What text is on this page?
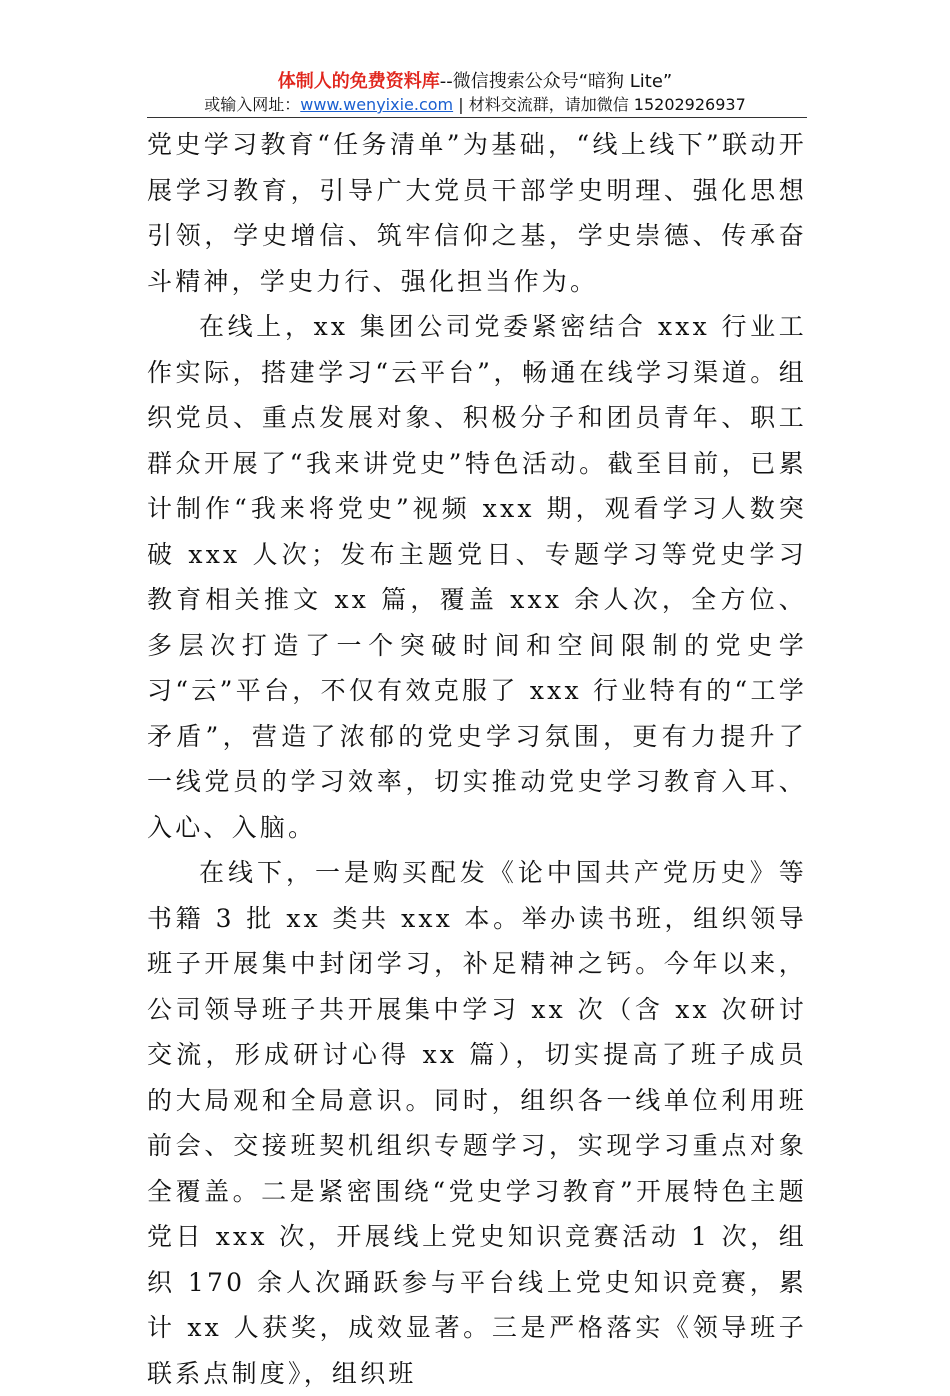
体制人的免费资料库--微信搜索公众号“暗狗 Lite”
或输入网址：www.wenyixie.com | 材料交流群，请加微信 15202926937

党史学习教育“任务清单”为基础，“线上线下”联动开展学习教育，引导广大党员干部学史明理、强化思想引领，学史增信、筑牢信仰之基，学史崇德、传承奋斗精神，学史力行、强化担当作为。

在线上，xx 集团公司党委紧密结合 xxx 行业工作实际，搭建学习“云平台”，畅通在线学习渠道。组织党员、重点发展对象、积极分子和团员青年、职工群众开展了“我来讲党史”特色活动。截至目前，已累计制作“我来将党史”视频 xxx 期，观看学习人数突破 xxx 人次；发布主题党日、专题学习等党史学习教育相关推文 xx 篇，覆盖 xxx 余人次，全方位、多层次打造了一个突破时间和空间限制的党史学习“云”平台，不仅有效克服了 xxx 行业特有的“工学矛盾”，营造了浓郁的党史学习氛围，更有力提升了一线党员的学习效率，切实推动党史学习教育入耳、入心、入脑。

在线下，一是购买配发《论中国共产党历史》等书籍 3 批 xx 类共 xxx 本。举办读书班，组织领导班子开展集中封闭学习，补足精神之钙。今年以来，公司领导班子共开展集中学习 xx 次（含 xx 次研讨交流，形成研讨心得 xx 篇），切实提高了班子成员的大局观和全局意识。同时，组织各一线单位利用班前会、交接班契机组织专题学习，实现学习重点对象全覆盖。二是紧密围绕“党史学习教育”开展特色主题党日 xxx 次，开展线上党史知识竞赛活动 1 次，组织 170 余人次踊跃参与平台线上党史知识竞赛，累计 xx 人获奖，成效显著。三是严格落实《领导班子联系点制度》，组织班
